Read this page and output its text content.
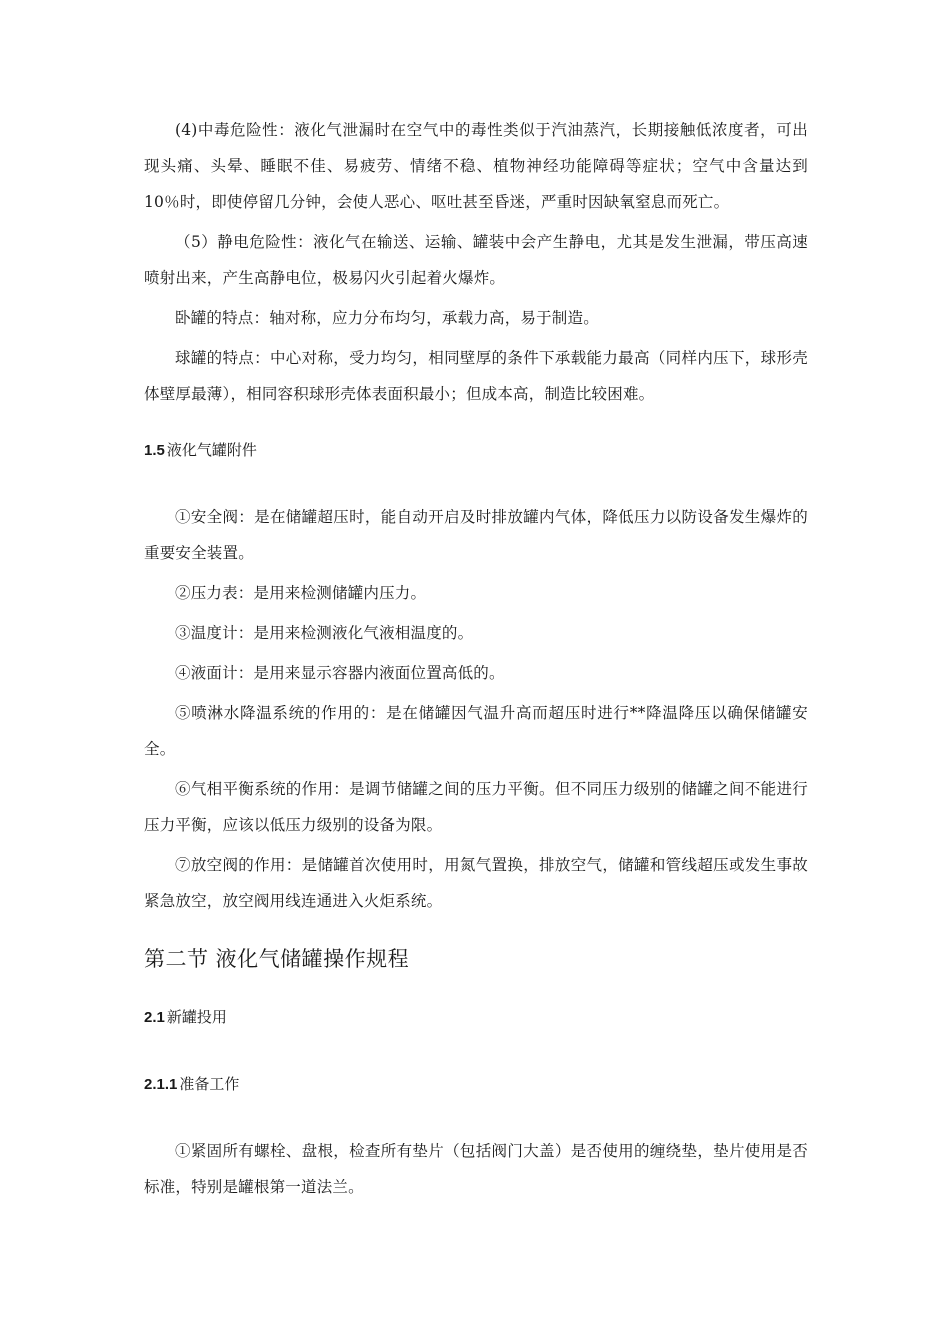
(4)中毒危险性：液化气泄漏时在空气中的毒性类似于汽油蒸汽，长期接触低浓度者，可出现头痛、头晕、睡眠不佳、易疲劳、情绪不稳、植物神经功能障碍等症状；空气中含量达到 10％时，即使停留几分钟，会使人恶心、呕吐甚至昏迷，严重时因缺氧窒息而死亡。

（5）静电危险性：液化气在输送、运输、罐装中会产生静电，尤其是发生泄漏，带压高速喷射出来，产生高静电位，极易闪火引起着火爆炸。

卧罐的特点：轴对称，应力分布均匀，承载力高，易于制造。

球罐的特点：中心对称，受力均匀，相同壁厚的条件下承载能力最高（同样内压下，球形壳体壁厚最薄），相同容积球形壳体表面积最小；但成本高，制造比较困难。

1.5 液化气罐附件

①安全阀：是在储罐超压时，能自动开启及时排放罐内气体，降低压力以防设备发生爆炸的重要安全装置。

②压力表：是用来检测储罐内压力。

③温度计：是用来检测液化气液相温度的。

④液面计：是用来显示容器内液面位置高低的。

⑤喷淋水降温系统的作用的：是在储罐因气温升高而超压时进行**降温降压以确保储罐安全。

⑥气相平衡系统的作用：是调节储罐之间的压力平衡。但不同压力级别的储罐之间不能进行压力平衡，应该以低压力级别的设备为限。

⑦放空阀的作用：是储罐首次使用时，用氮气置换，排放空气，储罐和管线超压或发生事故紧急放空，放空阀用线连通进入火炬系统。

第二节 液化气储罐操作规程
2.1 新罐投用
2.1.1 准备工作

①紧固所有螺栓、盘根，检查所有垫片（包括阀门大盖）是否使用的缠绕垫，垫片使用是否标准，特别是罐根第一道法兰。
